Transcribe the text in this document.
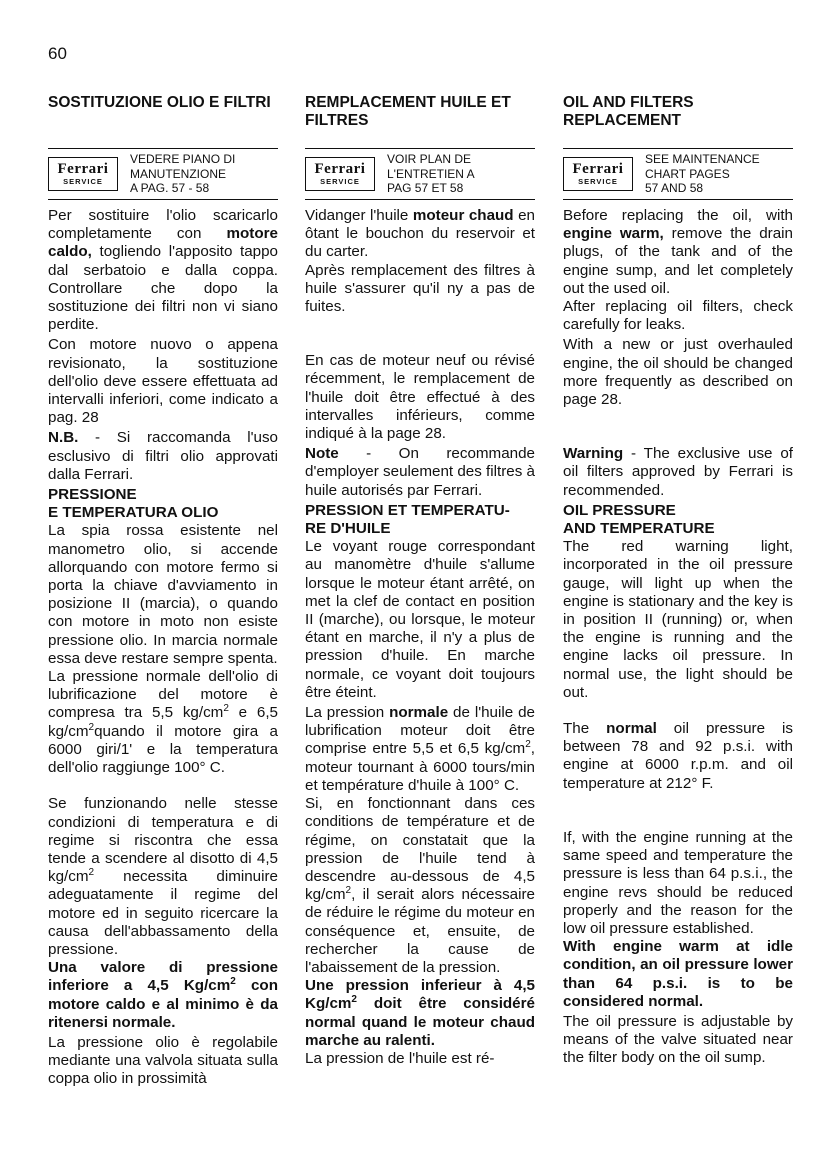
60
SOSTITUZIONE OLIO E FILTRI
Ferrari
SERVICE
VEDERE PIANO DI
MANUTENZIONE
A PAG. 57 - 58

Per sostituire l'olio scaricarlo completamente con motore caldo, togliendo l'apposito tappo dal serbatoio e dalla coppa. Controllare che dopo la sostituzione dei filtri non vi siano perdite.

Con motore nuovo o appena revisionato, la sostituzione dell'olio deve essere effettuata ad intervalli inferiori, come indicato a pag. 28

N.B. - Si raccomanda l'uso esclusivo di filtri olio approvati dalla Ferrari.

PRESSIONE
E TEMPERATURA OLIO

La spia rossa esistente nel manometro olio, si accende allorquando con motore fermo si porta la chiave d'avviamento in posizione II (marcia), o quando con motore in moto non esiste pressione olio. In marcia normale essa deve restare sempre spenta.

La pressione normale dell'olio di lubrificazione del motore è compresa tra 5,5 $kg/cm^2$ e 6,5 $kg/cm^2quando$ il motore gira a 6000 giri/1' e la temperatura dell'olio raggiunge 100° C.

Se funzionando nelle stesse condizioni di temperatura e di regime si riscontra che essa tende a scendere al disotto di 4,5 $kg/cm^2$ necessita diminuire adeguatamente il regime del motore ed in seguito ricercare la causa dell'abbassamento della pressione.

Una valore di pressione inferiore a 4,5 $Kg/cm^2$ con motore caldo e al minimo è da ritenersi normale.

La pressione olio è regolabile mediante una valvola situata sulla coppa olio in prossimità

REMPLACEMENT HUILE ET FILTRES
Ferrari
SERVICE
VOIR PLAN DE
L'ENTRETIEN A
PAG 57 ET 58

Vidanger l'huile moteur chaud en ôtant le bouchon du reservoir et du carter.

Après remplacement des filtres à huile s'assurer qu'il ny a pas de fuites.

En cas de moteur neuf ou révisé récemment, le remplacement de l'huile doit être effectué à des intervalles inférieurs, comme indiqué à la page 28.

Note - On recommande d'employer seulement des filtres à huile autorisés par Ferrari.

PRESSION ET TEMPERATU-
RE D'HUILE

Le voyant rouge correspondant au manomètre d'huile s'allume lorsque le moteur étant arrêté, on met la clef de contact en position II (marche), ou lorsque, le moteur étant en marche, il n'y a plus de pression d'huile. En marche normale, ce voyant doit toujours être éteint.

La pression normale de l'huile de lubrification moteur doit être comprise entre 5,5 et 6,5 $kg/cm^2$, moteur tournant à 6000 tours/min et température d'huile à 100° C.

Si, en fonctionnant dans ces conditions de température et de régime, on constatait que la pression de l'huile tend à descendre au-dessous de 4,5 $kg/cm^2$, il serait alors nécessaire de réduire le régime du moteur en conséquence et, ensuite, de rechercher la cause de l'abaissement de la pression.

Une pression inferieur à 4,5 $Kg/cm^2$ doit être considéré normal quand le moteur chaud marche au ralenti.

La pression de l'huile est ré-

OIL AND FILTERS REPLACEMENT
Ferrari
SERVICE
SEE MAINTENANCE
CHART PAGES
57 AND 58

Before replacing the oil, with engine warm, remove the drain plugs, of the tank and of the engine sump, and let completely out the used oil.

After replacing oil filters, check carefully for leaks.

With a new or just overhauled engine, the oil should be changed more frequently as described on page 28.

Warning - The exclusive use of oil filters approved by Ferrari is recommended.

OIL PRESSURE
AND TEMPERATURE

The red warning light, incorporated in the oil pressure gauge, will light up when the engine is stationary and the key is in position II (running) or, when the engine is running and the engine lacks oil pressure. In normal use, the light should be out.

The normal oil pressure is between 78 and 92 p.s.i. with engine at 6000 r.p.m. and oil temperature at 212° F.

If, with the engine running at the same speed and temperature the pressure is less than 64 p.s.i., the engine revs should be reduced properly and the reason for the low oil pressure established.

With engine warm at idle condition, an oil pressure lower than 64 p.s.i. is to be considered normal.

The oil pressure is adjustable by means of the valve situated near the filter body on the oil sump.
